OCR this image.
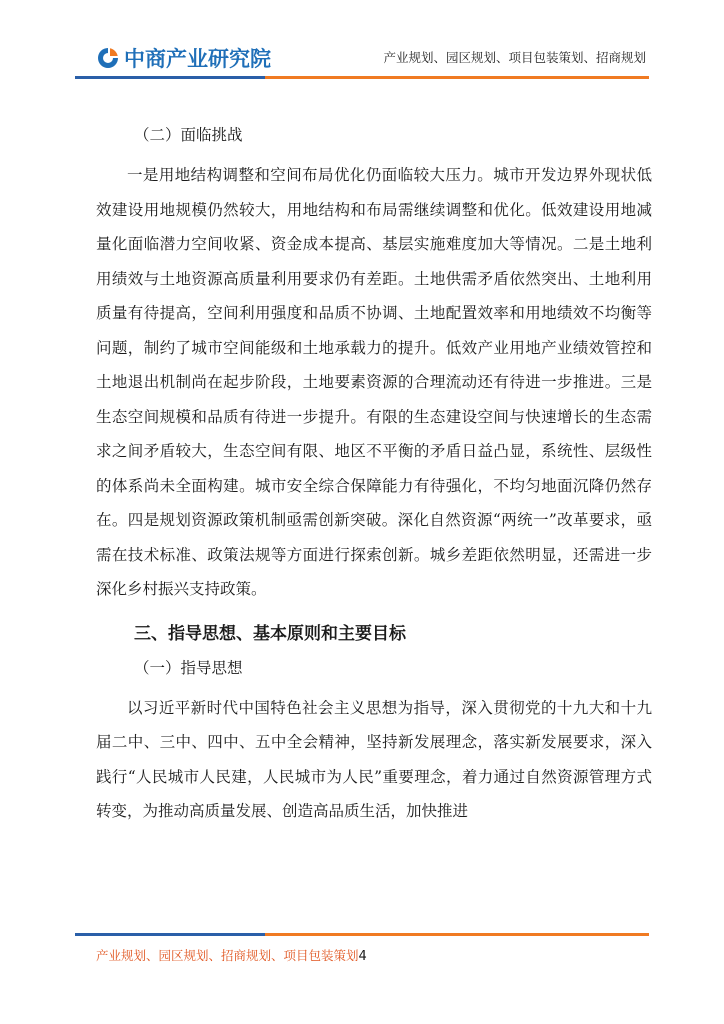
中商产业研究院	产业规划、园区规划、项目包装策划、招商规划
（二）面临挑战

一是用地结构调整和空间布局优化仍面临较大压力。城市开发边界外现状低效建设用地规模仍然较大，用地结构和布局需继续调整和优化。低效建设用地减量化面临潜力空间收紧、资金成本提高、基层实施难度加大等情况。二是土地利用绩效与土地资源高质量利用要求仍有差距。土地供需矛盾依然突出、土地利用质量有待提高，空间利用强度和品质不协调、土地配置效率和用地绩效不均衡等问题，制约了城市空间能级和土地承载力的提升。低效产业用地产业绩效管控和土地退出机制尚在起步阶段，土地要素资源的合理流动还有待进一步推进。三是生态空间规模和品质有待进一步提升。有限的生态建设空间与快速增长的生态需求之间矛盾较大，生态空间有限、地区不平衡的矛盾日益凸显，系统性、层级性的体系尚未全面构建。城市安全综合保障能力有待强化，不均匀地面沉降仍然存在。四是规划资源政策机制亟需创新突破。深化自然资源“两统一”改革要求，亟需在技术标准、政策法规等方面进行探索创新。城乡差距依然明显，还需进一步深化乡村振兴支持政策。

三、指导思想、基本原则和主要目标
（一）指导思想

以习近平新时代中国特色社会主义思想为指导，深入贯彻党的十九大和十九届二中、三中、四中、五中全会精神，坚持新发展理念，落实新发展要求，深入践行“人民城市人民建，人民城市为人民”重要理念，着力通过自然资源管理方式转变，为推动高质量发展、创造高品质生活，加快推进

产业规划、园区规划、招商规划、项目包装策划4
